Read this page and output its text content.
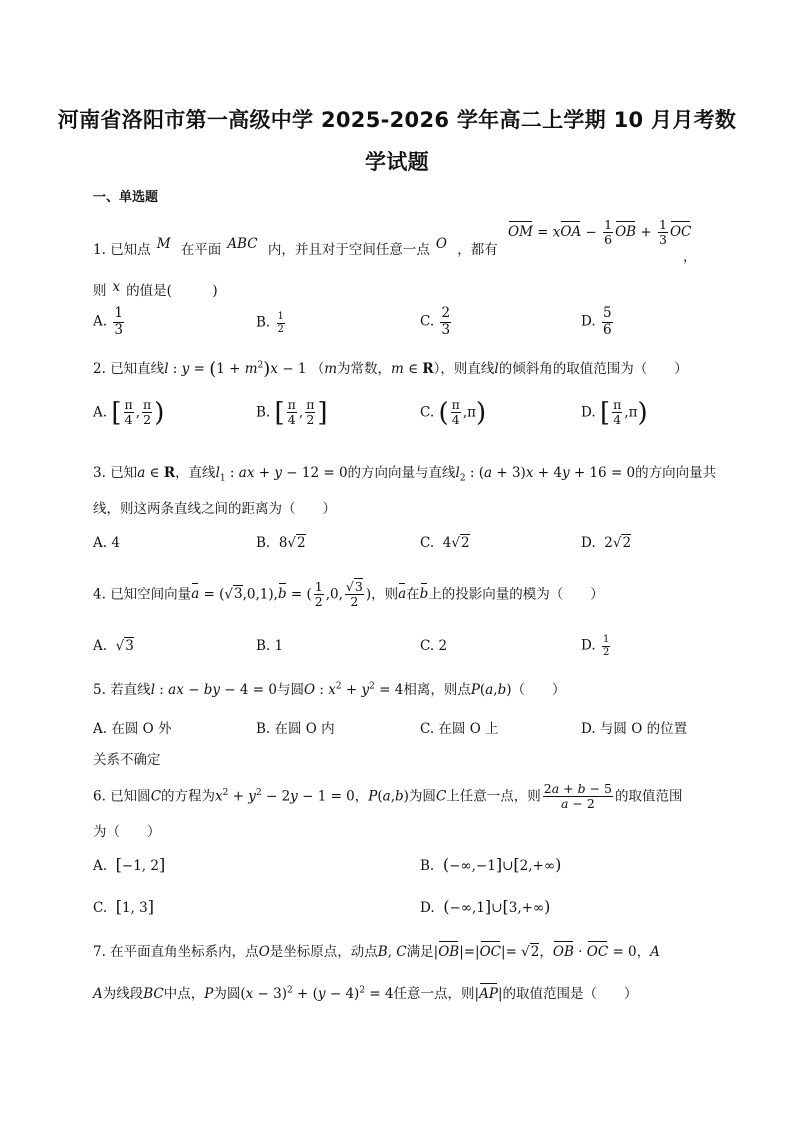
河南省洛阳市第一高级中学 2025-2026 学年高二上学期 10 月月考数
学试题
一、单选题
1. 已知点 M 在平面 ABC 内，并且对于空间任意一点 O ，都有
OM = xOA − $\frac{1}{6}$ OB + $\frac{1}{3}$ OC
，
则 x 的值是(　　　)
A. $\frac{1}{3}$	B. $\frac{1}{2}$	C. $\frac{2}{3}$	D. $\frac{5}{6}$
2. 已知直线l : $y = (1 + m^2)x - 1$ （m为常数，m ∈ R），则直线l的倾斜角的取值范围为（　　）
A. [ $\frac{\pi}{4}$ , $\frac{\pi}{2}$ )	B. [ $\frac{\pi}{4}$ , $\frac{\pi}{2}$ ]	C. ( $\frac{\pi}{4} ,\pi$)	D. [ $\frac{\pi}{4} ,\pi$)
3. 已知a ∈ R，直线$l_1$ : ax + y − 12 = 0的方向向量与直线$l_2$ : (a + 3)x + 4y + 16 = 0的方向向量共
线，则这两条直线之间的距离为（　　）
A. 4	B. 8√2	C. 4√2	D. 2√2
4. 已知空间向量a = (√3,0,1),b = ( $\frac{1}{2} ,0$, $\frac{√3}{2}$ )，则a在b上的投影向量的模为（　　）
A.  √3	B. 1	C. 2	D. $\frac{1}{2}$
5. 若直线l : ax − by − 4 = 0与圆O : $x^2 + y^2 = 4$相离，则点P(a,b)（　　）
A. 在圆 O 外	B. 在圆 O 内	C. 在圆 O 上	D. 与圆 O 的位置
关系不确定
6. 已知圆C的方程为$x^2 + y^2 - 2y - 1 = 0$，P(a,b)为圆C上任意一点，则 $\frac{2a + b - 5}{a - 2}$ 的取值范围
为（　　）
A. [−1, 2]	B. (−∞,−1]∪[2,+∞)
C. [1, 3]	D. (−∞,1]∪[3,+∞)
7. 在平面直角坐标系内，点O是坐标原点，动点B, C满足|OB|=|OC|= √2，OB · OC = 0，A
A为线段BC中点，P为圆$(x - 3)^2 + (y - 4)^2 = 4$任意一点，则|AP|的取值范围是（　　）
